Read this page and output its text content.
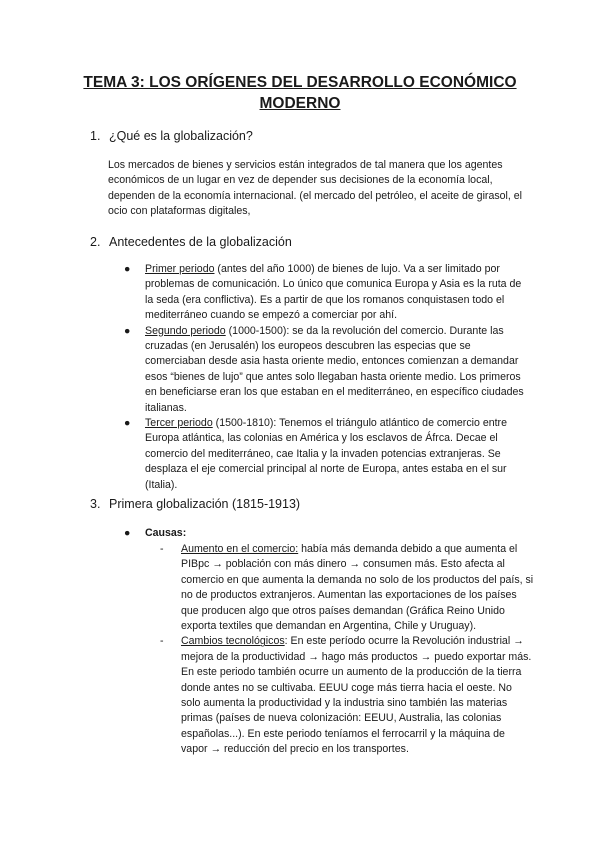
TEMA 3: LOS ORÍGENES DEL DESARROLLO ECONÓMICO MODERNO

1. ¿Qué es la globalización?

Los mercados de bienes y servicios están integrados de tal manera que los agentes económicos de un lugar en vez de depender sus decisiones de la economía local, dependen de la economía internacional. (el mercado del petróleo, el aceite de girasol, el ocio con plataformas digitales,

2. Antecedentes de la globalización

● Primer periodo (antes del año 1000) de bienes de lujo. Va a ser limitado por problemas de comunicación. Lo único que comunica Europa y Asia es la ruta de la seda (era conflictiva). Es a partir de que los romanos conquistasen todo el mediterráneo cuando se empezó a comerciar por ahí.
● Segundo periodo (1000-1500): se da la revolución del comercio. Durante las cruzadas (en Jerusalén) los europeos descubren las especias que se comerciaban desde asia hasta oriente medio, entonces comienzan a demandar esos “bienes de lujo” que antes solo llegaban hasta oriente medio. Los primeros en beneficiarse eran los que estaban en el mediterráneo, en específico ciudades italianas.
● Tercer periodo (1500-1810): Tenemos el triángulo atlántico de comercio entre Europa atlántica, las colonias en América y los esclavos de Áfrca. Decae el comercio del mediterráneo, cae Italia y la invaden potencias extranjeras. Se desplaza el eje comercial principal al norte de Europa, antes estaba en el sur (Italia).

3. Primera globalización (1815-1913)

● Causas:

- Aumento en el comercio: había más demanda debido a que aumenta el PIBpc → población con más dinero → consumen más. Esto afecta al comercio en que aumenta la demanda no solo de los productos del país, si no de productos extranjeros. Aumentan las exportaciones de los países que producen algo que otros países demandan (Gráfica Reino Unido exporta textiles que demandan en Argentina, Chile y Uruguay).
- Cambios tecnológicos: En este período ocurre la Revolución industrial → mejora de la productividad → hago más productos → puedo exportar más. En este periodo también ocurre un aumento de la producción de la tierra donde antes no se cultivaba. EEUU coge más tierra hacia el oeste. No solo aumenta la productividad y la industria sino también las materias primas (países de nueva colonización: EEUU, Australia, las colonias españolas...). En este periodo teníamos el ferrocarril y la máquina de vapor → reducción del precio en los transportes.
